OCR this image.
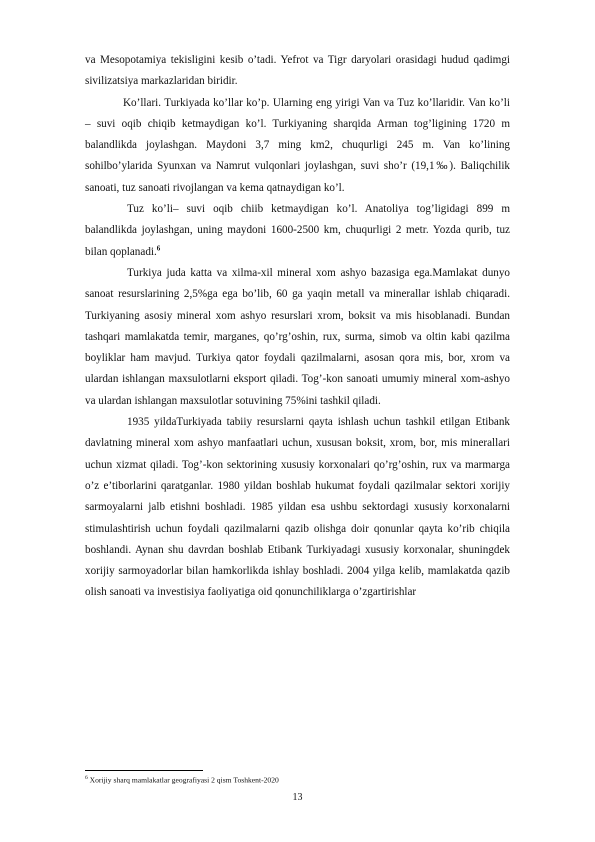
va Mesopotamiya tekisligini kesib o’tadi. Yefrot va Tigr daryolari orasidagi hudud qadimgi sivilizatsiya markazlaridan biridir.

Ko’llari. Turkiyada ko’llar ko’p. Ularning eng yirigi Van va Tuz ko’llaridir. Van ko’li – suvi oqib chiqib ketmaydigan ko’l. Turkiyaning sharqida Arman tog’ligining 1720 m balandlikda joylashgan. Maydoni 3,7 ming km2, chuqurligi 245 m. Van ko’lining sohilbo’ylarida Syunxan va Namrut vulqonlari joylashgan, suvi sho’r (19,1‰). Baliqchilik sanoati, tuz sanoati rivojlangan va kema qatnaydigan ko’l.

Tuz ko’li– suvi oqib chiib ketmaydigan ko’l. Anatoliya tog’ligidagi 899 m balandlikda joylashgan, uning maydoni 1600-2500 km, chuqurligi 2 metr. Yozda qurib, tuz bilan qoplanadi.$^6$

Turkiya juda katta va xilma-xil mineral xom ashyo bazasiga ega.Mamlakat dunyo sanoat resurslarining 2,5%ga ega bo’lib, 60 ga yaqin metall va minerallar ishlab chiqaradi. Turkiyaning asosiy mineral xom ashyo resurslari xrom, boksit va mis hisoblanadi. Bundan tashqari mamlakatda temir, marganes, qo’rg’oshin, rux, surma, simob va oltin kabi qazilma boyliklar ham mavjud. Turkiya qator foydali qazilmalarni, asosan qora mis, bor, xrom va ulardan ishlangan maxsulotlarni eksport qiladi. Tog’-kon sanoati umumiy mineral xom-ashyo va ulardan ishlangan maxsulotlar sotuvining 75%ini tashkil qiladi.

1935 yildaTurkiyada tabiiy resurslarni qayta ishlash uchun tashkil etilgan Etibank davlatning mineral xom ashyo manfaatlari uchun, xususan boksit, xrom, bor, mis minerallari uchun xizmat qiladi. Tog’-kon sektorining xususiy korxonalari qo’rg’oshin, rux va marmarga o’z e’tiborlarini qaratganlar. 1980 yildan boshlab hukumat foydali qazilmalar sektori xorijiy sarmoyalarni jalb etishni boshladi. 1985 yildan esa ushbu sektordagi xususiy korxonalarni stimulashtirish uchun foydali qazilmalarni qazib olishga doir qonunlar qayta ko’rib chiqila boshlandi. Aynan shu davrdan boshlab Etibank Turkiyadagi xususiy korxonalar, shuningdek xorijiy sarmoyadorlar bilan hamkorlikda ishlay boshladi. 2004 yilga kelib, mamlakatda qazib olish sanoati va investisiya faoliyatiga oid qonunchiliklarga o’zgartirishlar

$^6$ Xorijiy sharq mamlakatlar geografiyasi 2 qism Toshkent-2020
13
